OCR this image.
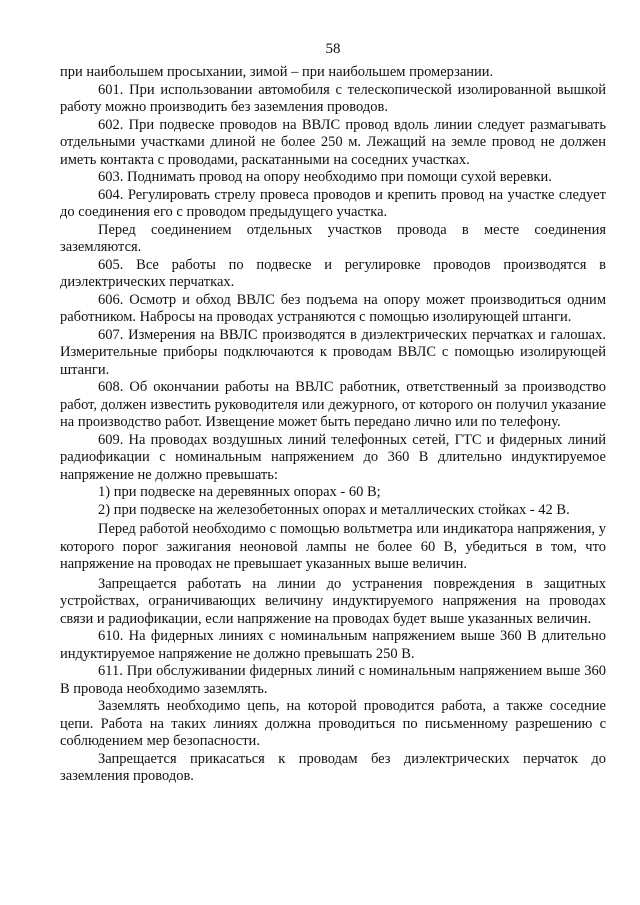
58

при наибольшем просыхании, зимой – при наибольшем промерзании.

601. При использовании автомобиля с телескопической изолированной вышкой работу можно производить без заземления проводов.

602. При подвеске проводов на ВВЛС провод вдоль линии следует размагывать отдельными участками длиной не более 250 м. Лежащий на земле провод не должен иметь контакта с проводами, раскатанными на соседних участках.

603. Поднимать провод на опору необходимо при помощи сухой веревки.

604. Регулировать стрелу провеса проводов и крепить провод на участке следует до соединения его с проводом предыдущего участка.

Перед соединением отдельных участков провода в месте соединения заземляются.

605. Все работы по подвеске и регулировке проводов производятся в диэлектрических перчатках.

606. Осмотр и обход ВВЛС без подъема на опору может производиться одним работником. Набросы на проводах устраняются с помощью изолирующей штанги.

607. Измерения на ВВЛС производятся в диэлектрических перчатках и галошах. Измерительные приборы подключаются к проводам ВВЛС с помощью изолирующей штанги.

608. Об окончании работы на ВВЛС работник, ответственный за производство работ, должен известить руководителя или дежурного, от которого он получил указание на производство работ. Извещение может быть передано лично или по телефону.

609. На проводах воздушных линий телефонных сетей, ГТС и фидерных линий радиофикации с номинальным напряжением до 360 В длительно индуктируемое напряжение не должно превышать:

1) при подвеске на деревянных опорах - 60 В;

2) при подвеске на железобетонных опорах и металлических стойках - 42 В.

Перед работой необходимо с помощью вольтметра или индикатора напряжения, у которого порог зажигания неоновой лампы не более 60 В, убедиться в том, что напряжение на проводах не превышает указанных выше величин.

Запрещается работать на линии до устранения повреждения в защитных устройствах, ограничивающих величину индуктируемого напряжения на проводах связи и радиофикации, если напряжение на проводах будет выше указанных величин.

610. На фидерных линиях с номинальным напряжением выше 360 В длительно индуктируемое напряжение не должно превышать 250 В.

611. При обслуживании фидерных линий с номинальным напряжением выше 360 В провода необходимо заземлять.

Заземлять необходимо цепь, на которой проводится работа, а также соседние цепи. Работа на таких линиях должна проводиться по письменному разрешению с соблюдением мер безопасности.

Запрещается прикасаться к проводам без диэлектрических перчаток до заземления проводов.
